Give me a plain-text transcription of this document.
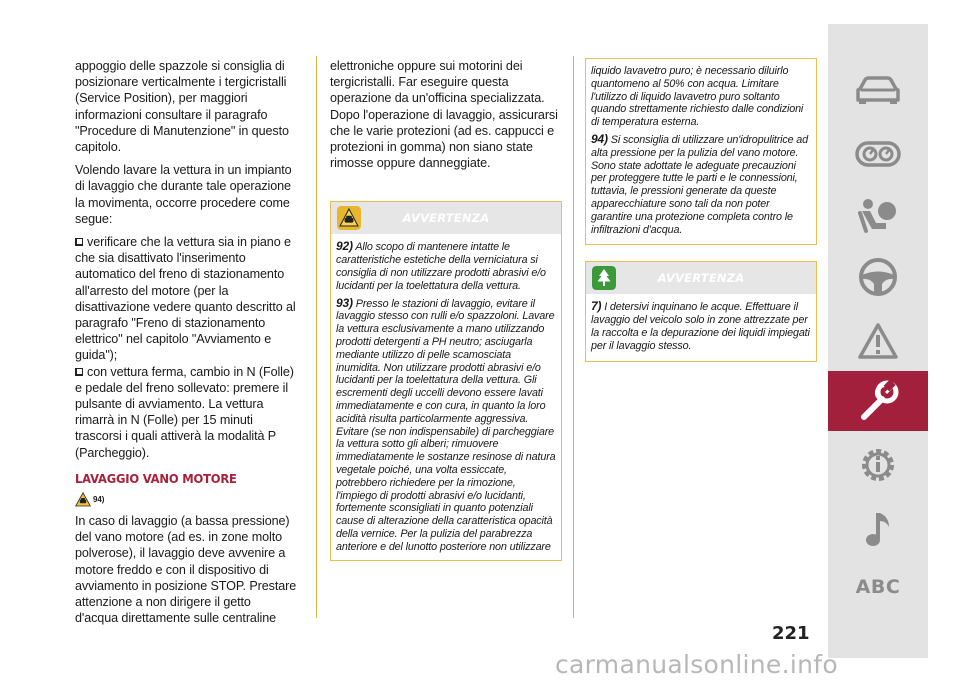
appoggio delle spazzole si consiglia di posizionare verticalmente i tergicristalli (Service Position), per maggiori informazioni consultare il paragrafo "Procedure di Manutenzione" in questo capitolo.

Volendo lavare la vettura in un impianto di lavaggio che durante tale operazione la movimenta, occorre procedere come segue:

verificare che la vettura sia in piano e che sia disattivato l'inserimento automatico del freno di stazionamento all'arresto del motore (per la disattivazione vedere quanto descritto al paragrafo "Freno di stazionamento elettrico" nel capitolo "Avviamento e guida");

con vettura ferma, cambio in N (Folle) e pedale del freno sollevato: premere il pulsante di avviamento. La vettura rimarrà in N (Folle) per 15 minuti trascorsi i quali attiverà la modalità P (Parcheggio).

LAVAGGIO VANO MOTORE
94)

In caso di lavaggio (a bassa pressione) del vano motore (ad es. in zone molto polverose), il lavaggio deve avvenire a motore freddo e con il dispositivo di avviamento in posizione STOP. Prestare attenzione a non dirigere il getto d'acqua direttamente sulle centraline

elettroniche oppure sui motorini dei tergicristalli. Far eseguire questa operazione da un'officina specializzata. Dopo l'operazione di lavaggio, assicurarsi che le varie protezioni (ad es. cappucci e protezioni in gomma) non siano state rimosse oppure danneggiate.

AVVERTENZA

92) Allo scopo di mantenere intatte le caratteristiche estetiche della verniciatura si consiglia di non utilizzare prodotti abrasivi e/o lucidanti per la toelettatura della vettura.

93) Presso le stazioni di lavaggio, evitare il lavaggio stesso con rulli e/o spazzoloni. Lavare la vettura esclusivamente a mano utilizzando prodotti detergenti a PH neutro; asciugarla mediante utilizzo di pelle scamosciata inumidita. Non utilizzare prodotti abrasivi e/o lucidanti per la toelettatura della vettura. Gli escrementi degli uccelli devono essere lavati immediatamente e con cura, in quanto la loro acidità risulta particolarmente aggressiva. Evitare (se non indispensabile) di parcheggiare la vettura sotto gli alberi; rimuovere immediatamente le sostanze resinose di natura vegetale poiché, una volta essiccate, potrebbero richiedere per la rimozione, l'impiego di prodotti abrasivi e/o lucidanti, fortemente sconsigliati in quanto potenziali cause di alterazione della caratteristica opacità della vernice. Per la pulizia del parabrezza anteriore e del lunotto posteriore non utilizzare

liquido lavavetro puro; è necessario diluirlo quantomeno al 50% con acqua. Limitare l'utilizzo di liquido lavavetro puro soltanto quando strettamente richiesto dalle condizioni di temperatura esterna.

94) Si sconsiglia di utilizzare un'idropulitrice ad alta pressione per la pulizia del vano motore. Sono state adottate le adeguate precauzioni per proteggere tutte le parti e le connessioni, tuttavia, le pressioni generate da queste apparecchiature sono tali da non poter garantire una protezione completa contro le infiltrazioni d'acqua.

AVVERTENZA

7) I detersivi inquinano le acque. Effettuare il lavaggio del veicolo solo in zone attrezzate per la raccolta e la depurazione dei liquidi impiegati per il lavaggio stesso.

ABC
221
carmanualsonline.info
